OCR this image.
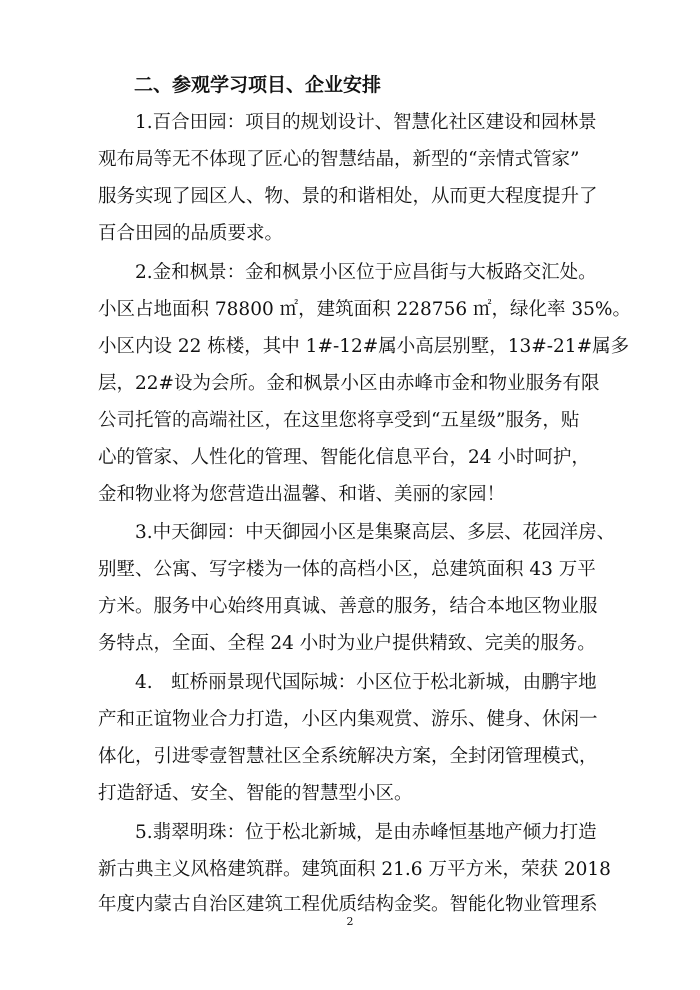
二、参观学习项目、企业安排
　　1.百合田园：项目的规划设计、智慧化社区建设和园林景
观布局等无不体现了匠心的智慧结晶，新型的“亲情式管家”
服务实现了园区人、物、景的和谐相处，从而更大程度提升了
百合田园的品质要求。
　　2.金和枫景：金和枫景小区位于应昌街与大板路交汇处。
小区占地面积 78800 ㎡，建筑面积 228756 ㎡，绿化率 35%。
小区内设 22 栋楼，其中 1#-12#属小高层别墅，13#-21#属多
层，22#设为会所。金和枫景小区由赤峰市金和物业服务有限
公司托管的高端社区，在这里您将享受到“五星级”服务，贴
心的管家、人性化的管理、智能化信息平台，24 小时呵护，
金和物业将为您营造出温馨、和谐、美丽的家园！
　　3.中天御园：中天御园小区是集聚高层、多层、花园洋房、
别墅、公寓、写字楼为一体的高档小区，总建筑面积 43 万平
方米。服务中心始终用真诚、善意的服务，结合本地区物业服
务特点，全面、全程 24 小时为业户提供精致、完美的服务。
　　4.　虹桥丽景现代国际城：小区位于松北新城，由鹏宇地
产和正谊物业合力打造，小区内集观赏、游乐、健身、休闲一
体化，引进零壹智慧社区全系统解决方案，全封闭管理模式，
打造舒适、安全、智能的智慧型小区。
　　5.翡翠明珠：位于松北新城，是由赤峰恒基地产倾力打造
新古典主义风格建筑群。建筑面积 21.6 万平方米，荣获 2018
年度内蒙古自治区建筑工程优质结构金奖。智能化物业管理系
2
